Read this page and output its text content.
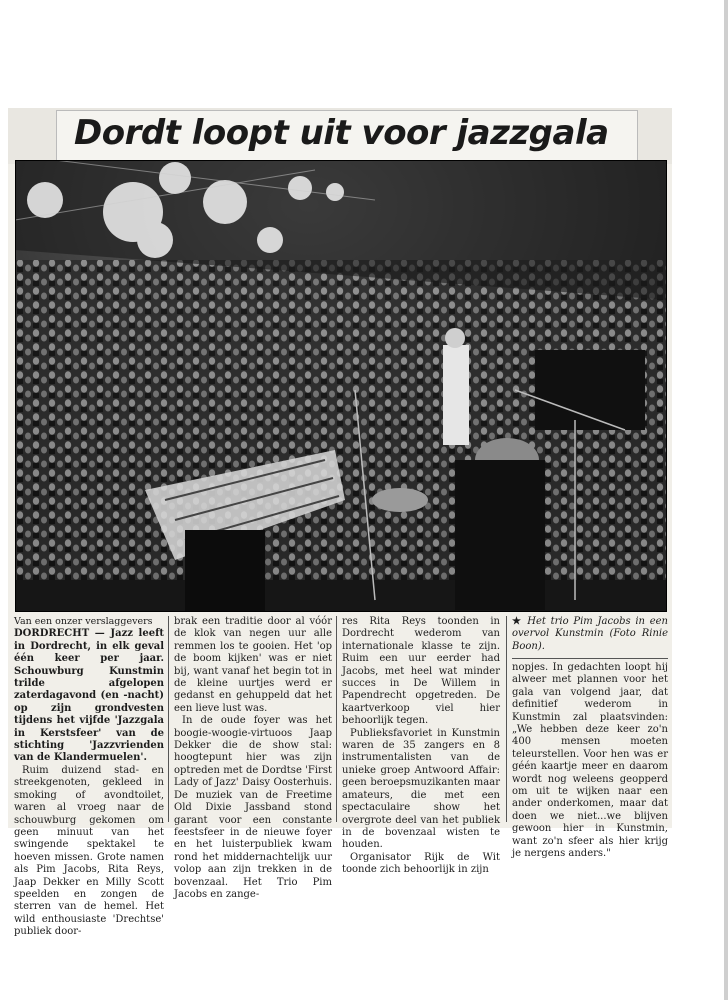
Dordt loopt uit voor jazzgala

Van een onzer verslaggevers

DORDRECHT — Jazz leeft in Dordrecht, in elk geval één keer per jaar. Schouwburg Kunstmin trilde afgelopen zaterdagavond (en -nacht) op zijn grondvesten tijdens het vijfde 'Jazzgala in Kerstsfeer' van de stichting 'Jazzvrienden van de Klandermuelen'.

Ruim duizend stad- en streekgenoten, gekleed in smoking of avondtoilet, waren al vroeg naar de schouwburg gekomen om geen minuut van het swingende spektakel te hoeven missen. Grote namen als Pim Jacobs, Rita Reys, Jaap Dekker en Milly Scott speelden en zongen de sterren van de hemel. Het wild enthousiaste 'Drechtse' publiek door-

brak een traditie door al vóór de klok van negen uur alle remmen los te gooien. Het 'op de boom kijken' was er niet bij, want vanaf het begin tot in de kleine uurtjes werd er gedanst en gehuppeld dat het een lieve lust was.

In de oude foyer was het boogie-woogie-virtuoos Jaap Dekker die de show stal: hoogtepunt hier was zijn optreden met de Dordtse 'First Lady of Jazz' Daisy Oosterhuis. De muziek van de Freetime Old Dixie Jassband stond garant voor een constante feestsfeer in de nieuwe foyer en het luisterpubliek kwam rond het middernachtelijk uur volop aan zijn trekken in de bovenzaal. Het Trio Pim Jacobs en zange-

res Rita Reys toonden in Dordrecht wederom van internationale klasse te zijn. Ruim een uur eerder had Jacobs, met heel wat minder succes in De Willem in Papendrecht opgetreden. De kaartverkoop viel hier behoorlijk tegen.

Publieksfavoriet in Kunstmin waren de 35 zangers en 8 instrumentalisten van de unieke groep Antwoord Affair: geen beroepsmuzikanten maar amateurs, die met een spectaculaire show het overgrote deel van het publiek in de bovenzaal wisten te houden.

Organisator Rijk de Wit toonde zich behoorlijk in zijn

★ Het trio Pim Jacobs in een overvol Kunstmin (Foto Rinie Boon).

nopjes. In gedachten loopt hij alweer met plannen voor het gala van volgend jaar, dat definitief wederom in Kunstmin zal plaatsvinden: „We hebben deze keer zo'n 400 mensen moeten teleurstellen. Voor hen was er géén kaartje meer en daarom wordt nog weleens geopperd om uit te wijken naar een ander onderkomen, maar dat doen we niet...we blijven gewoon hier in Kunstmin, want zo'n sfeer als hier krijg je nergens anders."
